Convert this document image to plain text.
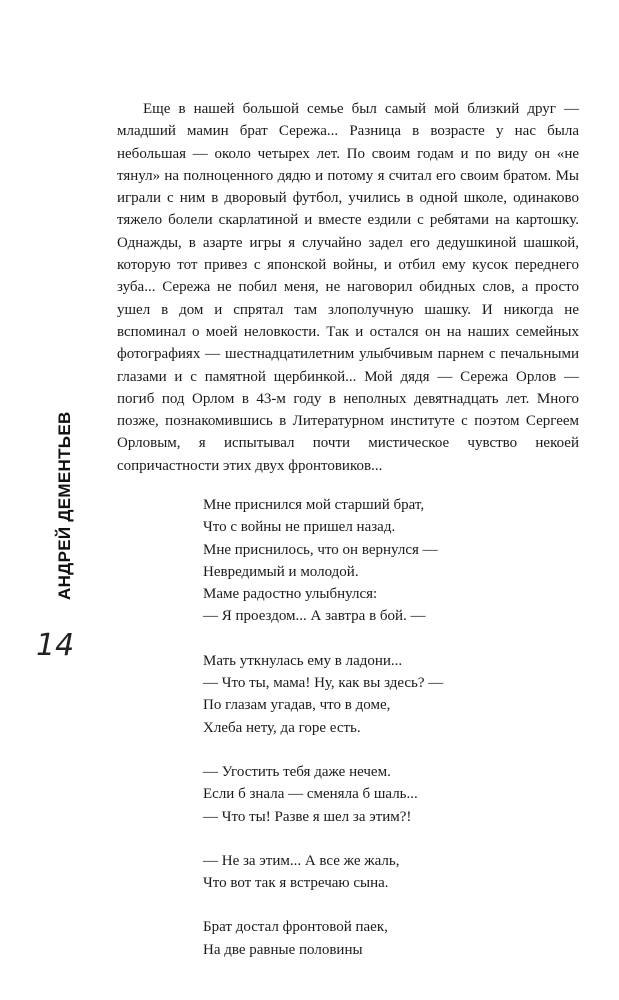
АНДРЕЙ ДЕМЕНТЬЕВ
14

Еще в нашей большой семье был самый мой близкий друг — младший мамин брат Сережа... Разница в возрасте у нас была небольшая — около четырех лет. По своим годам и по виду он «не тянул» на полноценного дядю и потому я считал его своим братом. Мы играли с ним в дворовый футбол, учились в одной школе, одинаково тяжело болели скарлатиной и вместе ездили с ребятами на картошку. Однажды, в азарте игры я случайно задел его дедушкиной шашкой, которую тот привез с японской войны, и отбил ему кусок переднего зуба... Сережа не побил меня, не наговорил обидных слов, а просто ушел в дом и спрятал там злополучную шашку. И никогда не вспоминал о моей неловкости. Так и остался он на наших семейных фотографиях — шестнадцатилетним улыбчивым парнем с печальными глазами и с памятной щербинкой... Мой дядя — Сережа Орлов — погиб под Орлом в 43-м году в неполных девятнадцать лет. Много позже, познакомившись в Литературном институте с поэтом Сергеем Орловым, я испытывал почти мистическое чувство некоей сопричастности этих двух фронтовиков...

Мне приснился мой старший брат,
Что с войны не пришел назад.
Мне приснилось, что он вернулся —
Невредимый и молодой.
Маме радостно улыбнулся:
— Я проездом... А завтра в бой. —
Мать уткнулась ему в ладони...
— Что ты, мама! Ну, как вы здесь? —
По глазам угадав, что в доме,
Хлеба нету, да горе есть.
— Угостить тебя даже нечем.
Если б знала — сменяла б шаль...
— Что ты! Разве я шел за этим?!
— Не за этим... А все же жаль,
Что вот так я встречаю сына.
Брат достал фронтовой паек,
На две равные половины
